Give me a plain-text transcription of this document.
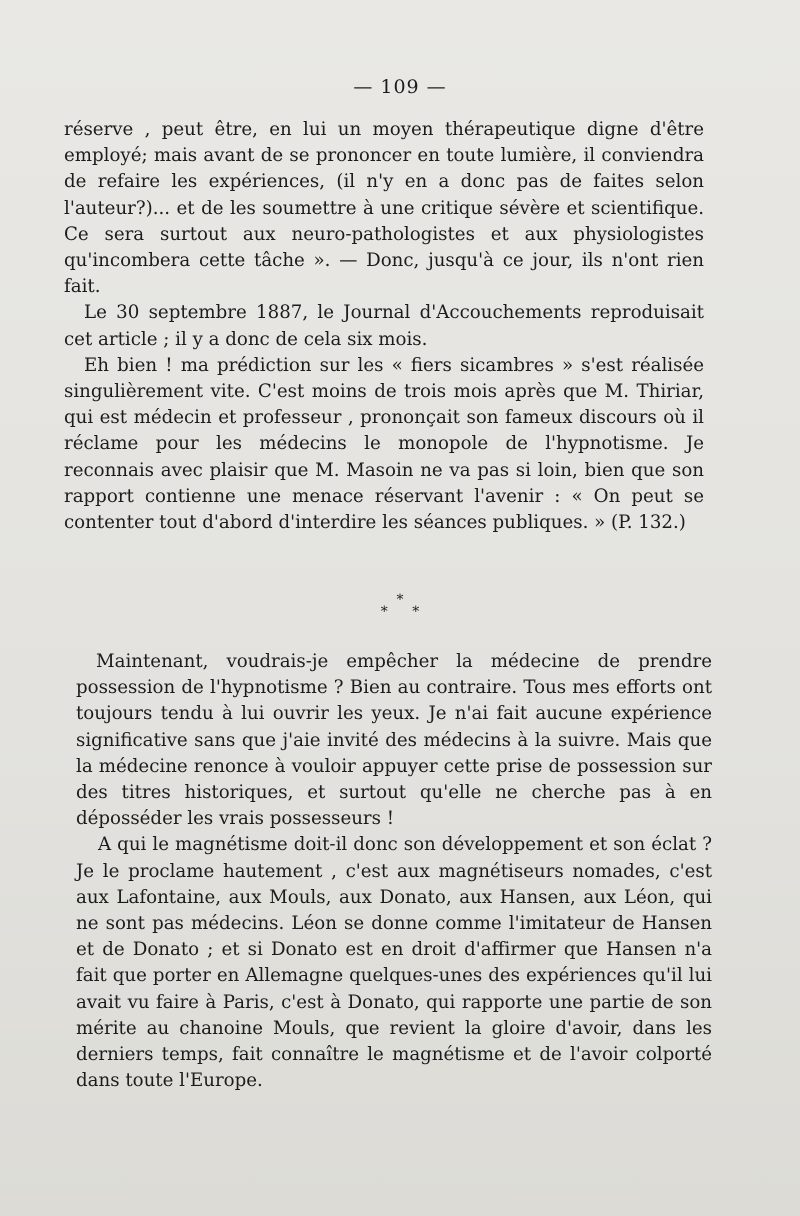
— 109 —

réserve , peut être, en lui un moyen thérapeutique digne d'être employé; mais avant de se prononcer en toute lumière, il conviendra de refaire les expériences, (il n'y en a donc pas de faites selon l'auteur?)... et de les soumettre à une critique sévère et scientifique. Ce sera surtout aux neuro-pathologistes et aux physiologistes qu'incombera cette tâche ». — Donc, jusqu'à ce jour, ils n'ont rien fait.

Le 30 septembre 1887, le Journal d'Accouchements reproduisait cet article ; il y a donc de cela six mois.

Eh bien ! ma prédiction sur les « fiers sicambres » s'est réalisée singulièrement vite. C'est moins de trois mois après que M. Thiriar, qui est médecin et professeur , prononçait son fameux discours où il réclame pour les médecins le monopole de l'hypnotisme. Je reconnais avec plaisir que M. Masoin ne va pas si loin, bien que son rapport contienne une menace réservant l'avenir : « On peut se contenter tout d'abord d'interdire les séances publiques. » (P. 132.)

*
* *

Maintenant, voudrais-je empêcher la médecine de prendre possession de l'hypnotisme ? Bien au contraire. Tous mes efforts ont toujours tendu à lui ouvrir les yeux. Je n'ai fait aucune expérience significative sans que j'aie invité des médecins à la suivre. Mais que la médecine renonce à vouloir appuyer cette prise de possession sur des titres historiques, et surtout qu'elle ne cherche pas à en déposséder les vrais possesseurs !

A qui le magnétisme doit-il donc son développement et son éclat ? Je le proclame hautement , c'est aux magnétiseurs nomades, c'est aux Lafontaine, aux Mouls, aux Donato, aux Hansen, aux Léon, qui ne sont pas médecins. Léon se donne comme l'imitateur de Hansen et de Donato ; et si Donato est en droit d'affirmer que Hansen n'a fait que porter en Allemagne quelques-unes des expériences qu'il lui avait vu faire à Paris, c'est à Donato, qui rapporte une partie de son mérite au chanoine Mouls, que revient la gloire d'avoir, dans les derniers temps, fait connaître le magnétisme et de l'avoir colporté dans toute l'Europe.
